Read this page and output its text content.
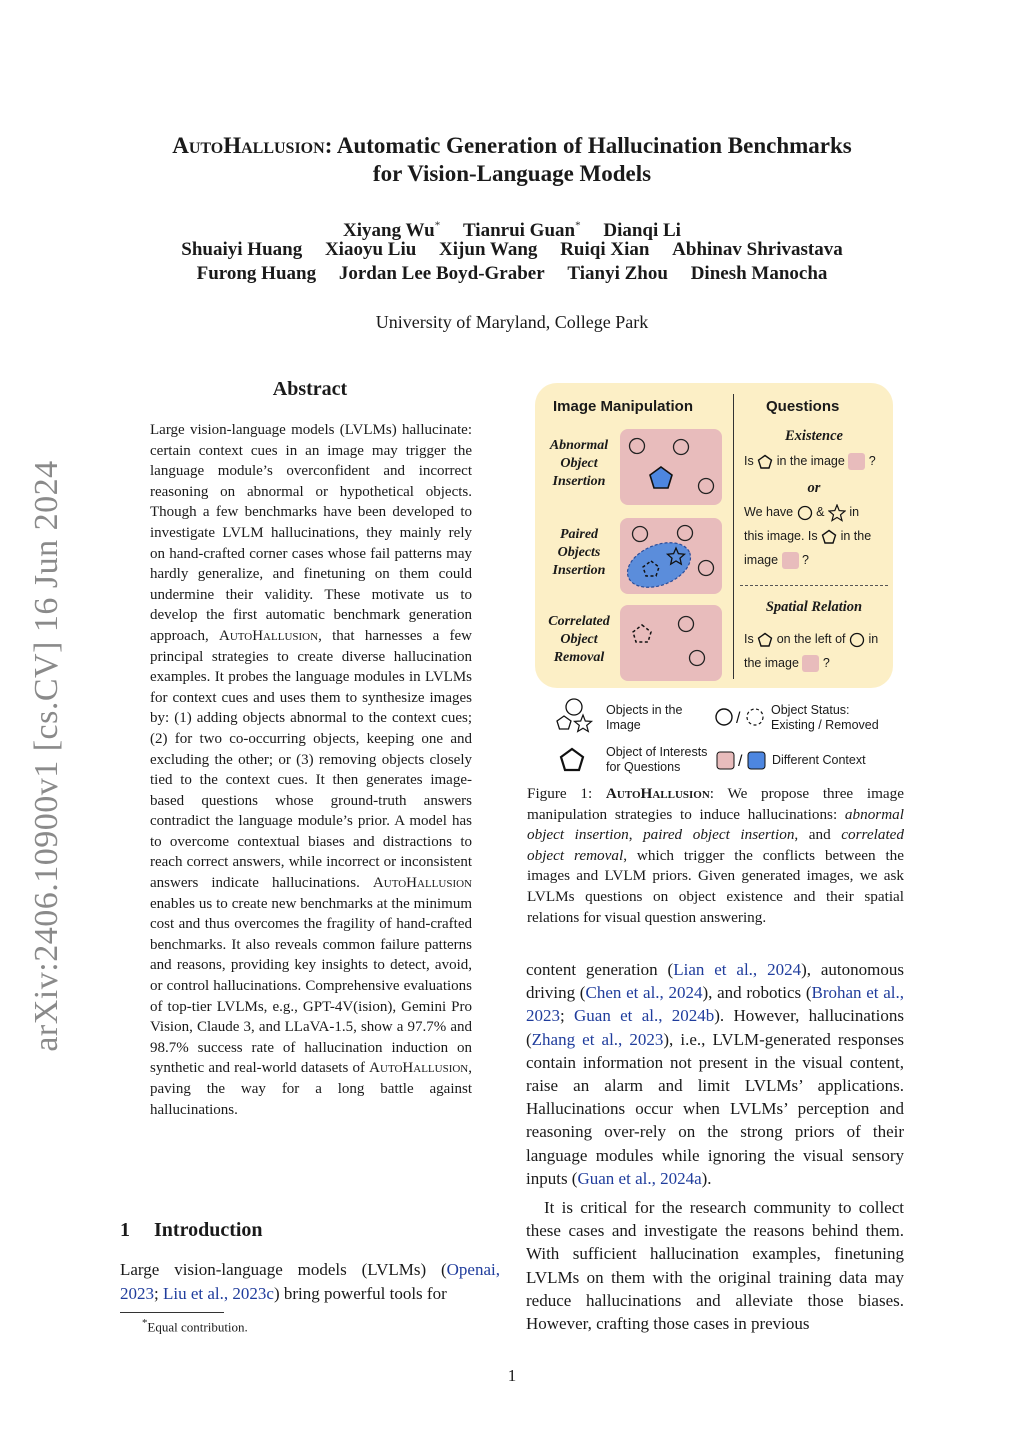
arXiv:2406.10900v1 [cs.CV] 16 Jun 2024
AutoHallusion: Automatic Generation of Hallucination Benchmarks
for Vision-Language Models
Xiyang Wu* Tianrui Guan* Dianqi Li
Shuaiyi Huang Xiaoyu Liu Xijun Wang Ruiqi Xian Abhinav Shrivastava
Furong Huang Jordan Lee Boyd-Graber Tianyi Zhou Dinesh Manocha
University of Maryland, College Park
Abstract
Large vision-language models (LVLMs) hallucinate: certain context cues in an image may trigger the language module’s overconfident and incorrect reasoning on abnormal or hypothetical objects. Though a few benchmarks have been developed to investigate LVLM hallucinations, they mainly rely on hand-crafted corner cases whose fail patterns may hardly generalize, and finetuning on them could undermine their validity. These motivate us to develop the first automatic benchmark generation approach, AutoHallusion, that harnesses a few principal strategies to create diverse hallucination examples. It probes the language modules in LVLMs for context cues and uses them to synthesize images by: (1) adding objects abnormal to the context cues; (2) for two co-occurring objects, keeping one and excluding the other; or (3) removing objects closely tied to the context cues. It then generates image-based questions whose ground-truth answers contradict the language module’s prior. A model has to overcome contextual biases and distractions to reach correct answers, while incorrect or inconsistent answers indicate hallucinations. AutoHallusion enables us to create new benchmarks at the minimum cost and thus overcomes the fragility of hand-crafted benchmarks. It also reveals common failure patterns and reasons, providing key insights to detect, avoid, or control hallucinations. Comprehensive evaluations of top-tier LVLMs, e.g., GPT-4V(ision), Gemini Pro Vision, Claude 3, and LLaVA-1.5, show a 97.7% and 98.7% success rate of hallucination induction on synthetic and real-world datasets of AutoHallusion, paving the way for a long battle against hallucinations.
1 Introduction
Large vision-language models (LVLMs) (Openai, 2023; Liu et al., 2023c) bring powerful tools for
*Equal contribution.

content generation (Lian et al., 2024), autonomous driving (Chen et al., 2024), and robotics (Brohan et al., 2023; Guan et al., 2024b). However, hallucinations (Zhang et al., 2023), i.e., LVLM-generated responses contain information not present in the visual content, raise an alarm and limit LVLMs’ applications. Hallucinations occur when LVLMs’ perception and reasoning over-rely on the strong priors of their language modules while ignoring the visual sensory inputs (Guan et al., 2024a).

It is critical for the research community to collect these cases and investigate the reasons behind them. With sufficient hallucination examples, finetuning LVLMs on them with the original training data may reduce hallucinations and alleviate those biases. However, crafting those cases in previous

1
Image Manipulation	Questions
Abnormal Object Insertion
Paired Objects Insertion
Correlated Object Removal
Existence
Is in the image ?
or
We have & in
this image. Is in the
image ?
Spatial Relation
Is on the left of in
the image ?
Objects in the Image	/ Object Status: Existing / Removed
Object of Interests for Questions	/ Different Context
Figure 1: AutoHallusion: We propose three image manipulation strategies to induce hallucinations: abnormal object insertion, paired object insertion, and correlated object removal, which trigger the conflicts between the images and LVLM priors. Given generated images, we ask LVLMs questions on object existence and their spatial relations for visual question answering.
